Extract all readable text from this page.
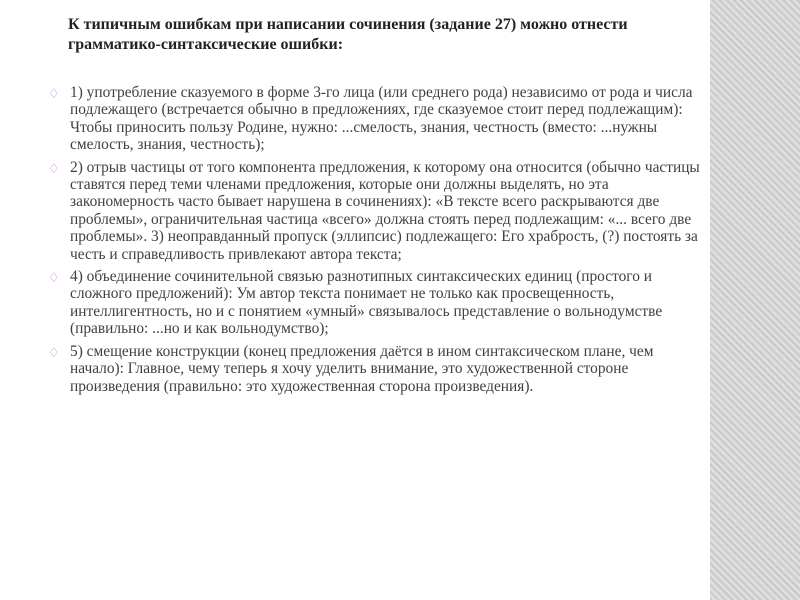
К типичным ошибкам при написании сочинения (задание 27) можно отнести грамматико-синтаксические ошибки:

♢ 1) употребление сказуемого в форме 3-го лица (или среднего рода) независимо от рода и числа подлежащего (встречается обычно в предложениях, где сказуемое стоит перед подлежащим): Чтобы приносить пользу Родине, нужно: ...смелость, знания, честность (вместо: ...нужны смелость, знания, честность);
♢ 2) отрыв частицы от того компонента предложения, к которому она относится (обычно частицы ставятся перед теми членами предложения, которые они должны выделять, но эта закономерность часто бывает нарушена в сочинениях): «В тексте всего раскрываются две проблемы», ограничительная частица «всего» должна стоять перед подлежащим: «... всего две проблемы». 3) неоправданный пропуск (эллипсис) подлежащего: Его храбрость, (?) постоять за честь и справедливость привлекают автора текста;
♢ 4) объединение сочинительной связью разнотипных синтаксических единиц (простого и сложного предложений): Ум автор текста понимает не только как просвещенность, интеллигентность, но и с понятием «умный» связывалось представление о вольнодумстве (правильно: ...но и как вольнодумство);
♢ 5) смещение конструкции (конец предложения даётся в ином синтаксическом плане, чем начало): Главное, чему теперь я хочу уделить внимание, это художественной стороне произведения (правильно: это художественная сторона произведения).
